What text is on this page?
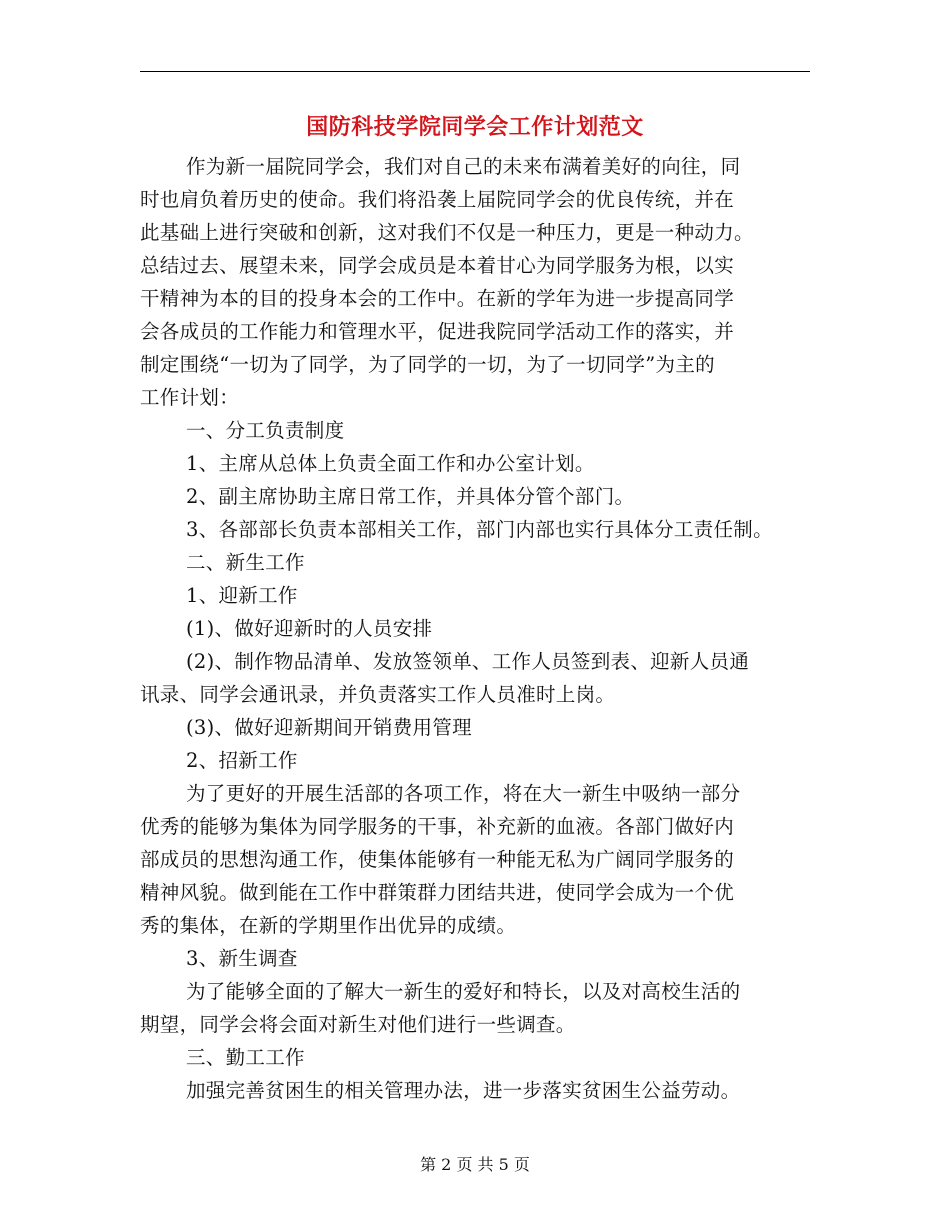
国防科技学院同学会工作计划范文
作为新一届院同学会，我们对自己的未来布满着美好的向往，同
时也肩负着历史的使命。我们将沿袭上届院同学会的优良传统，并在
此基础上进行突破和创新，这对我们不仅是一种压力，更是一种动力。
总结过去、展望未来，同学会成员是本着甘心为同学服务为根，以实
干精神为本的目的投身本会的工作中。在新的学年为进一步提高同学
会各成员的工作能力和管理水平，促进我院同学活动工作的落实，并
制定围绕“一切为了同学，为了同学的一切，为了一切同学”为主的
工作计划：
一、分工负责制度
1、主席从总体上负责全面工作和办公室计划。
2、副主席协助主席日常工作，并具体分管个部门。
3、各部部长负责本部相关工作，部门内部也实行具体分工责任制。
二、新生工作
1、迎新工作
(1)、做好迎新时的人员安排
(2)、制作物品清单、发放签领单、工作人员签到表、迎新人员通
讯录、同学会通讯录，并负责落实工作人员准时上岗。
(3)、做好迎新期间开销费用管理
2、招新工作
为了更好的开展生活部的各项工作，将在大一新生中吸纳一部分
优秀的能够为集体为同学服务的干事，补充新的血液。各部门做好内
部成员的思想沟通工作，使集体能够有一种能无私为广阔同学服务的
精神风貌。做到能在工作中群策群力团结共进，使同学会成为一个优
秀的集体，在新的学期里作出优异的成绩。
3、新生调查
为了能够全面的了解大一新生的爱好和特长，以及对高校生活的
期望，同学会将会面对新生对他们进行一些调查。
三、勤工工作
加强完善贫困生的相关管理办法，进一步落实贫困生公益劳动。
第 2 页 共 5 页
